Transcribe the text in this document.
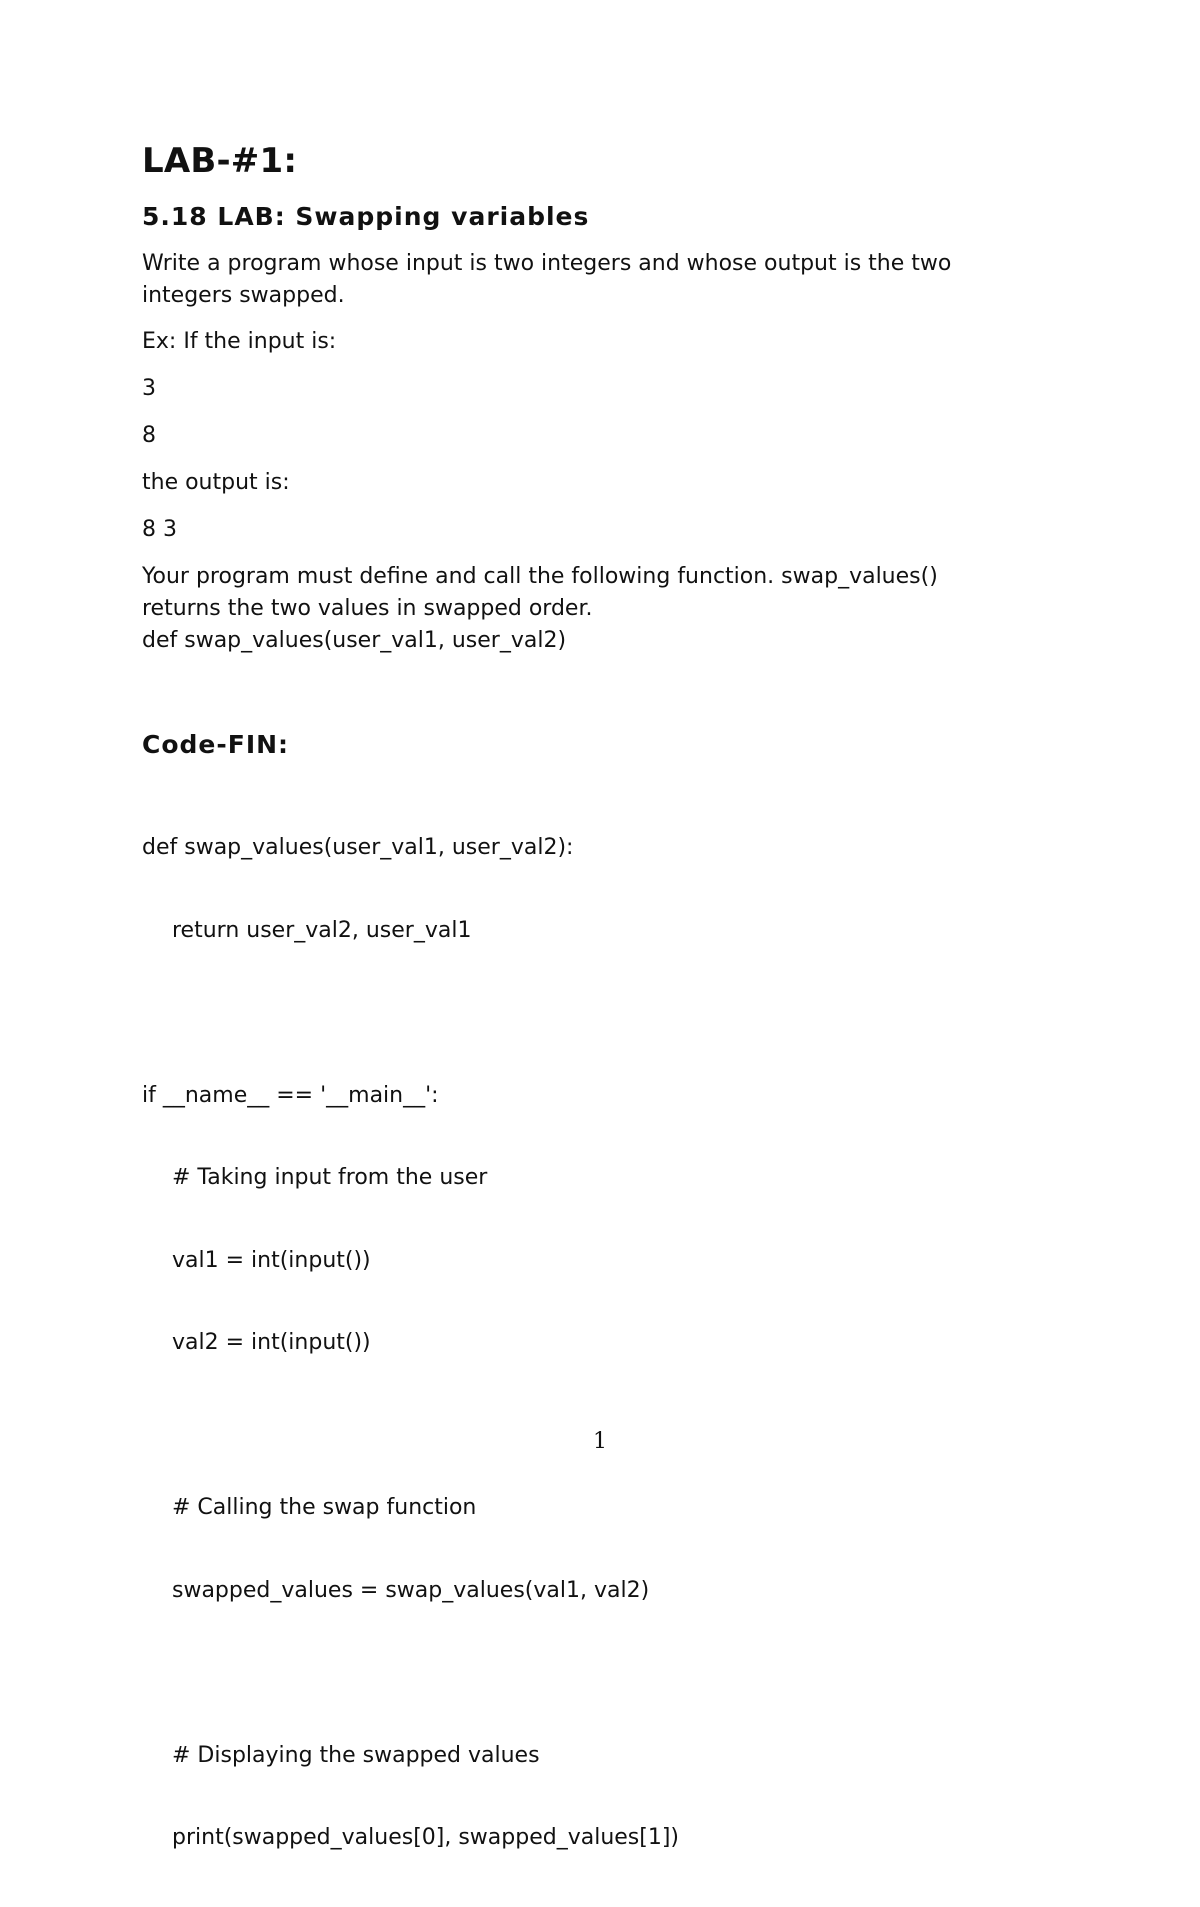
LAB-#1:
5.18 LAB: Swapping variables
Write a program whose input is two integers and whose output is the two
integers swapped.

Ex: If the input is:

3

8

the output is:

8 3

Your program must define and call the following function. swap_values()
returns the two values in swapped order.
def swap_values(user_val1, user_val2)
Code-FIN:

def swap_values(user_val1, user_val2):

return user_val2, user_val1

if __name__ == '__main__':

# Taking input from the user

val1 = int(input())

val2 = int(input())

# Calling the swap function

swapped_values = swap_values(val1, val2)

# Displaying the swapped values

print(swapped_values[0], swapped_values[1])

1
